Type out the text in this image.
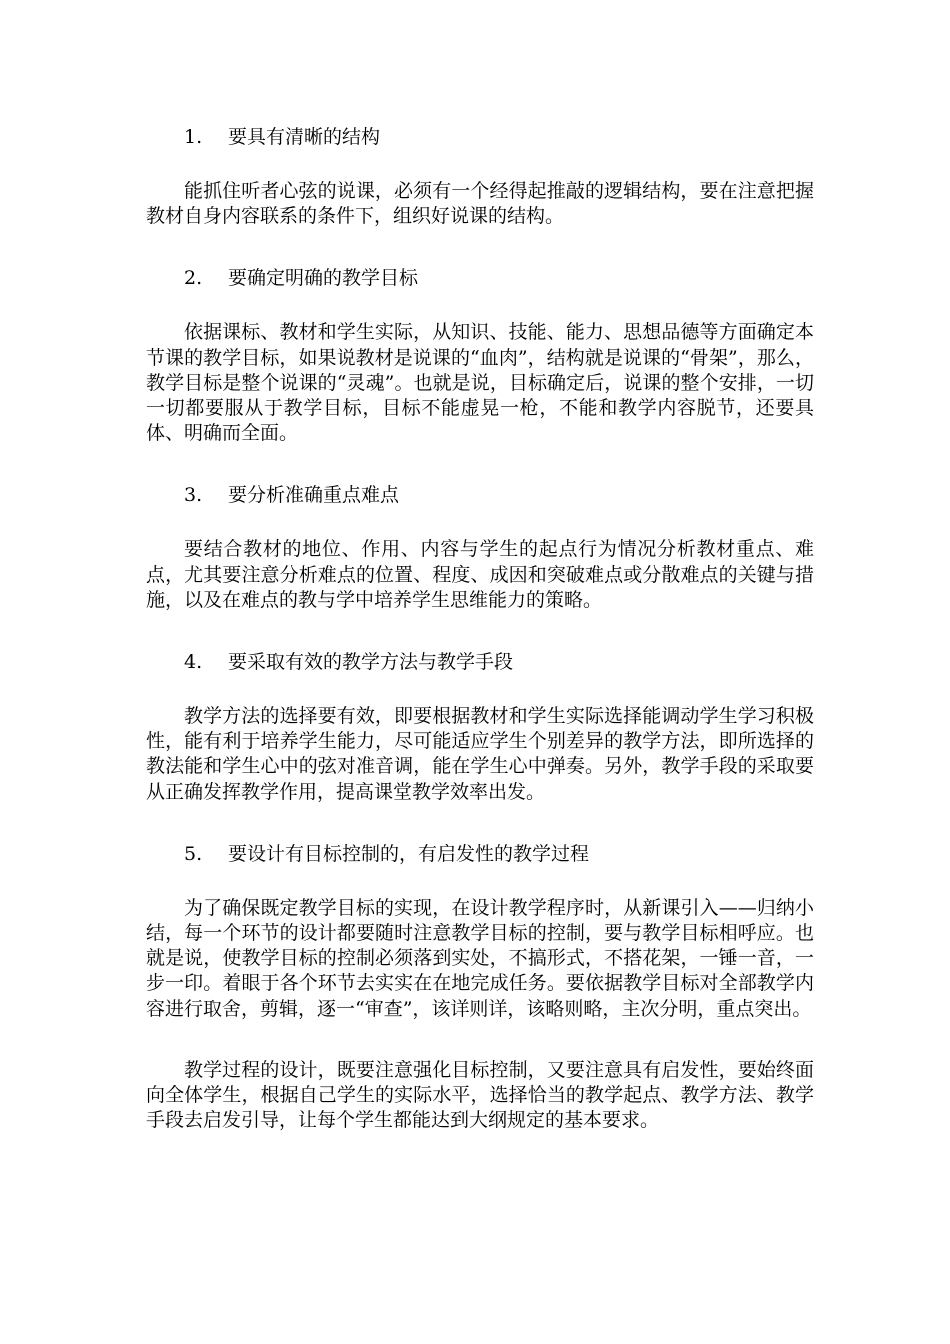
1. 要具有清晰的结构

能抓住听者心弦的说课，必须有一个经得起推敲的逻辑结构，要在注意把握教材自身内容联系的条件下，组织好说课的结构。

2. 要确定明确的教学目标

依据课标、教材和学生实际，从知识、技能、能力、思想品德等方面确定本节课的教学目标，如果说教材是说课的“血肉”，结构就是说课的“骨架”，那么，教学目标是整个说课的“灵魂”。也就是说，目标确定后，说课的整个安排，一切一切都要服从于教学目标，目标不能虚晃一枪，不能和教学内容脱节，还要具体、明确而全面。

3. 要分析准确重点难点

要结合教材的地位、作用、内容与学生的起点行为情况分析教材重点、难点，尤其要注意分析难点的位置、程度、成因和突破难点或分散难点的关键与措施，以及在难点的教与学中培养学生思维能力的策略。

4. 要采取有效的教学方法与教学手段

教学方法的选择要有效，即要根据教材和学生实际选择能调动学生学习积极性，能有利于培养学生能力，尽可能适应学生个别差异的教学方法，即所选择的教法能和学生心中的弦对准音调，能在学生心中弹奏。另外，教学手段的采取要从正确发挥教学作用，提高课堂教学效率出发。

5. 要设计有目标控制的，有启发性的教学过程

为了确保既定教学目标的实现，在设计教学程序时，从新课引入——归纳小结，每一个环节的设计都要随时注意教学目标的控制，要与教学目标相呼应。也就是说，使教学目标的控制必须落到实处，不搞形式，不搭花架，一锤一音，一步一印。着眼于各个环节去实实在在地完成任务。要依据教学目标对全部教学内容进行取舍，剪辑，逐一“审查”，该详则详，该略则略，主次分明，重点突出。

教学过程的设计，既要注意强化目标控制，又要注意具有启发性，要始终面向全体学生，根据自己学生的实际水平，选择恰当的教学起点、教学方法、教学手段去启发引导，让每个学生都能达到大纲规定的基本要求。
